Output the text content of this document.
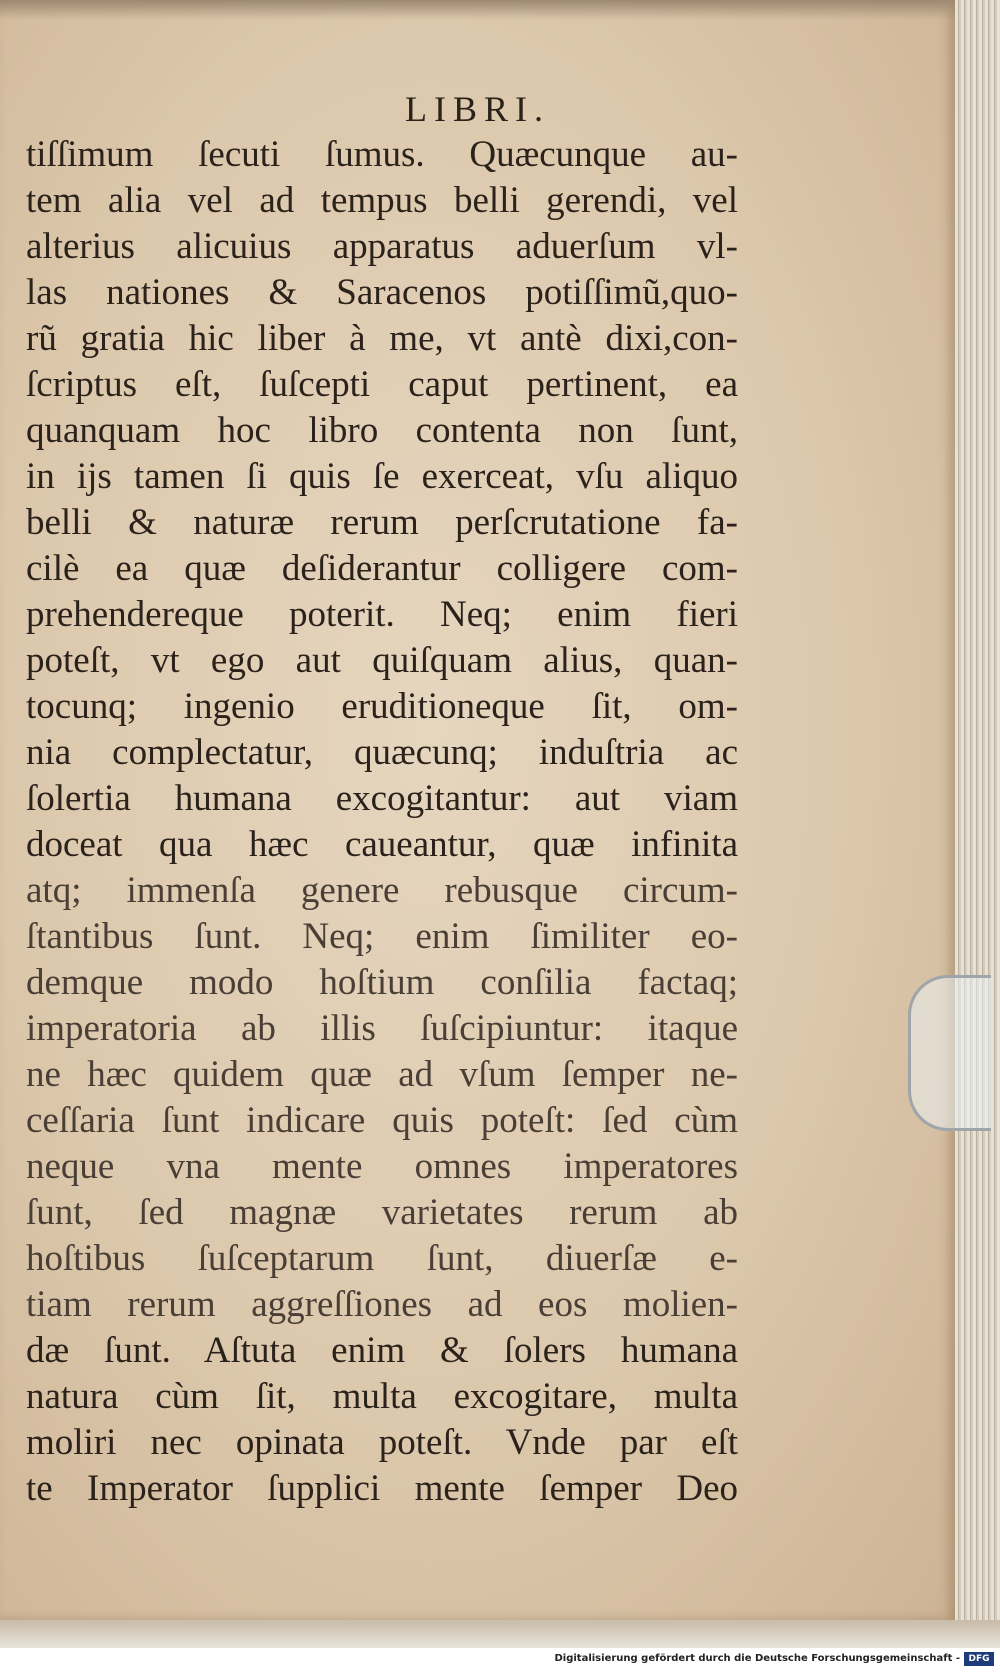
LIBRI.
tiſſimum ſecuti ſumus. Quæcunque au-
tem alia vel ad tempus belli gerendi, vel
alterius alicuius apparatus aduerſum vl-
las nationes & Saracenos potiſſimũ,quo-
rũ gratia hic liber à me, vt antè dixi,con-
ſcriptus eſt, ſuſcepti caput pertinent, ea
quanquam hoc libro contenta non ſunt,
in ijs tamen ſi quis ſe exerceat, vſu aliquo
belli & naturæ rerum perſcrutatione fa-
cilè ea quæ deſiderantur colligere com-
prehendereque poterit. Neq; enim fieri
poteſt, vt ego aut quiſquam alius, quan-
tocunq; ingenio eruditioneque ſit, om-
nia complectatur, quæcunq; induſtria ac
ſolertia humana excogitantur: aut viam
doceat qua hæc caueantur, quæ infinita
atq; immenſa genere rebusque circum-
ſtantibus ſunt. Neq; enim ſimiliter eo-
demque modo hoſtium conſilia factaq;
imperatoria ab illis ſuſcipiuntur: itaque
ne hæc quidem quæ ad vſum ſemper ne-
ceſſaria ſunt indicare quis poteſt: ſed cùm
neque vna mente omnes imperatores
ſunt, ſed magnæ varietates rerum ab
hoſtibus ſuſceptarum ſunt, diuerſæ e-
tiam rerum aggreſſiones ad eos molien-
dæ ſunt. Aſtuta enim & ſolers humana
natura cùm ſit, multa excogitare, multa
moliri nec opinata poteſt. Vnde par eſt
te Imperator ſupplici mente ſemper Deo
Digitalisierung gefördert durch die Deutsche Forschungsgemeinschaft - DFG
